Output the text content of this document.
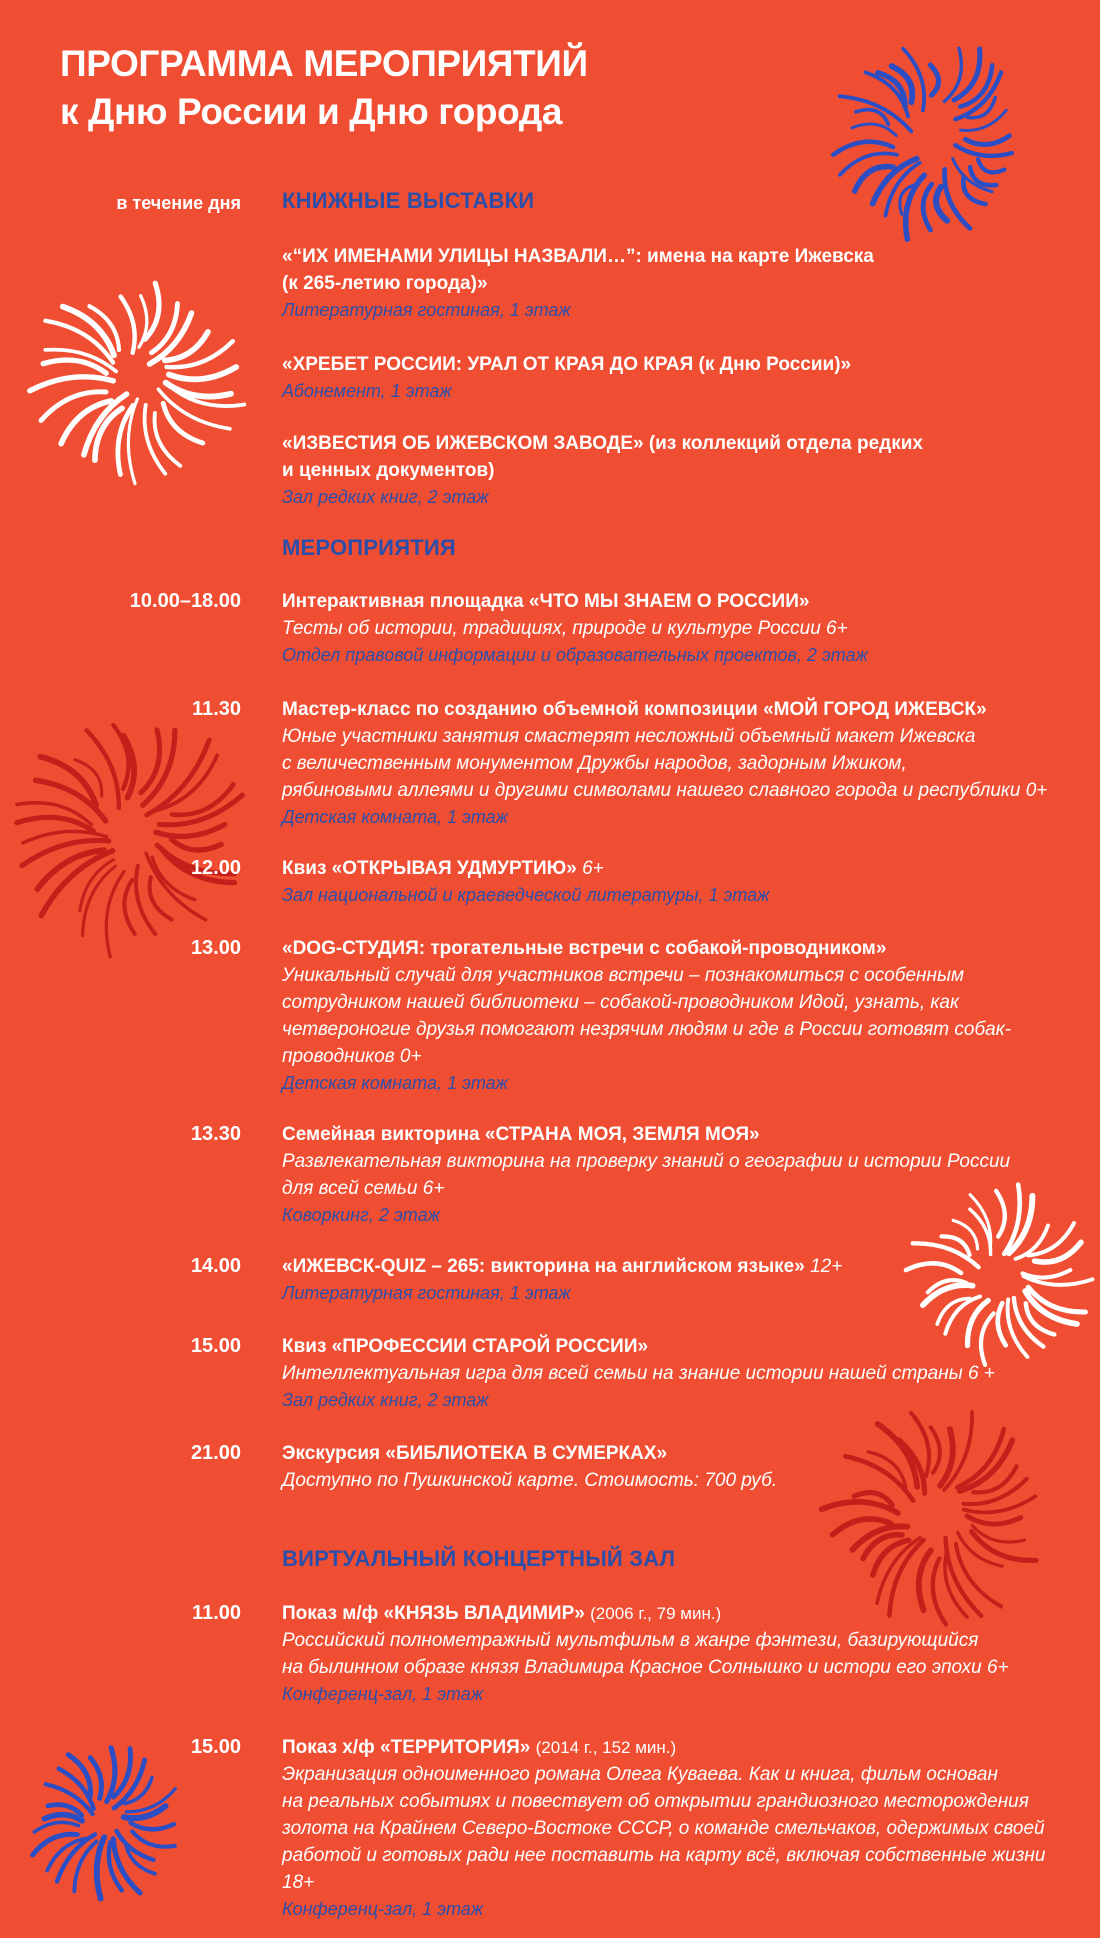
ПРОГРАММА МЕРОПРИЯТИЙ
к Дню России и Дню города
в течение дня КНИЖНЫЕ ВЫСТАВКИ
«“ИХ ИМЕНАМИ УЛИЦЫ НАЗВАЛИ…”: имена на карте Ижевска
(к 265-летию города)»
Литературная гостиная, 1 этаж
«ХРЕБЕТ РОССИИ: УРАЛ ОТ КРАЯ ДО КРАЯ (к Дню России)»
Абонемент, 1 этаж
«ИЗВЕСТИЯ ОБ ИЖЕВСКОМ ЗАВОДЕ» (из коллекций отдела редких
и ценных документов)
Зал редких книг, 2 этаж
МЕРОПРИЯТИЯ
10.00–18.00 Интерактивная площадка «ЧТО МЫ ЗНАЕМ О РОССИИ»
Тесты об истории, традициях, природе и культуре России 6+
Отдел правовой информации и образовательных проектов, 2 этаж
11.30 Мастер-класс по созданию объемной композиции «МОЙ ГОРОД ИЖЕВСК»
Юные участники занятия смастерят несложный объемный макет Ижевска
с величественным монументом Дружбы народов, задорным Ижиком,
рябиновыми аллеями и другими символами нашего славного города и республики 0+
Детская комната, 1 этаж
12.00 Квиз «ОТКРЫВАЯ УДМУРТИЮ» 6+
Зал национальной и краеведческой литературы, 1 этаж
13.00 «DOG-СТУДИЯ: трогательные встречи с собакой-проводником»
Уникальный случай для участников встречи – познакомиться с особенным
сотрудником нашей библиотеки – собакой-проводником Идой, узнать, как
четвероногие друзья помогают незрячим людям и где в России готовят собак-
проводников 0+
Детская комната, 1 этаж
13.30 Семейная викторина «СТРАНА МОЯ, ЗЕМЛЯ МОЯ»
Развлекательная викторина на проверку знаний о географии и истории России
для всей семьи 6+
Коворкинг, 2 этаж
14.00 «ИЖЕВСК-QUIZ – 265: викторина на английском языке» 12+
Литературная гостиная, 1 этаж
15.00 Квиз «ПРОФЕССИИ СТАРОЙ РОССИИ»
Интеллектуальная игра для всей семьи на знание истории нашей страны 6 +
Зал редких книг, 2 этаж
21.00 Экскурсия «БИБЛИОТЕКА В СУМЕРКАХ»
Доступно по Пушкинской карте. Стоимость: 700 руб.
ВИРТУАЛЬНЫЙ КОНЦЕРТНЫЙ ЗАЛ
11.00 Показ м/ф «КНЯЗЬ ВЛАДИМИР» (2006 г., 79 мин.)
Российский полнометражный мультфильм в жанре фэнтези, базирующийся
на былинном образе князя Владимира Красное Солнышко и истори его эпохи 6+
Конференц-зал, 1 этаж
15.00 Показ х/ф «ТЕРРИТОРИЯ» (2014 г., 152 мин.)
Экранизация одноименного романа Олега Куваева. Как и книга, фильм основан
на реальных событиях и повествует об открытии грандиозного месторождения
золота на Крайнем Северо-Востоке СССР, о команде смельчаков, одержимых своей
работой и готовых ради нее поставить на карту всё, включая собственные жизни
18+
Конференц-зал, 1 этаж
